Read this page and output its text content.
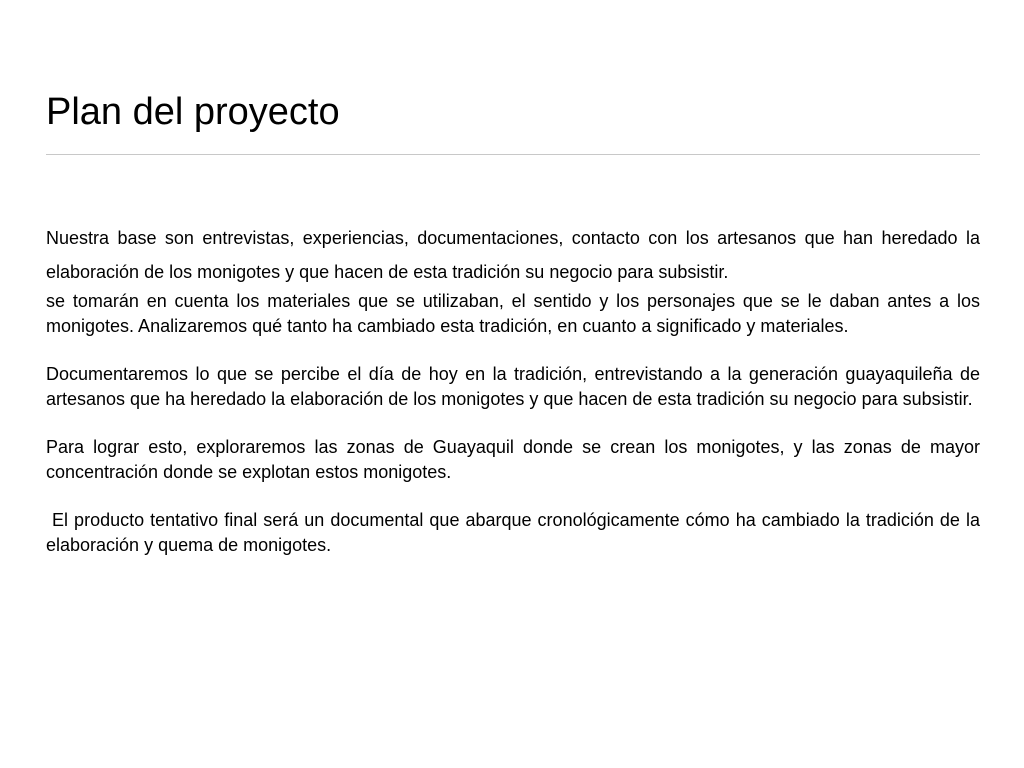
Plan del proyecto

Nuestra base son entrevistas, experiencias, documentaciones, contacto con los artesanos que han heredado la elaboración de los monigotes y que hacen de esta tradición su negocio para subsistir.

se tomarán en cuenta los materiales que se utilizaban, el sentido y los personajes que se le daban antes a los monigotes. Analizaremos qué tanto ha cambiado esta tradición, en cuanto a significado y materiales.

Documentaremos lo que se percibe el día de hoy en la tradición, entrevistando a la generación guayaquileña de artesanos que ha heredado la elaboración de los monigotes y que hacen de esta tradición su negocio para subsistir.

Para lograr esto, exploraremos las zonas de Guayaquil donde se crean los monigotes, y las zonas de mayor concentración donde se explotan estos monigotes.

El producto tentativo final será un documental que abarque cronológicamente cómo ha cambiado la tradición de la elaboración y quema de monigotes.
